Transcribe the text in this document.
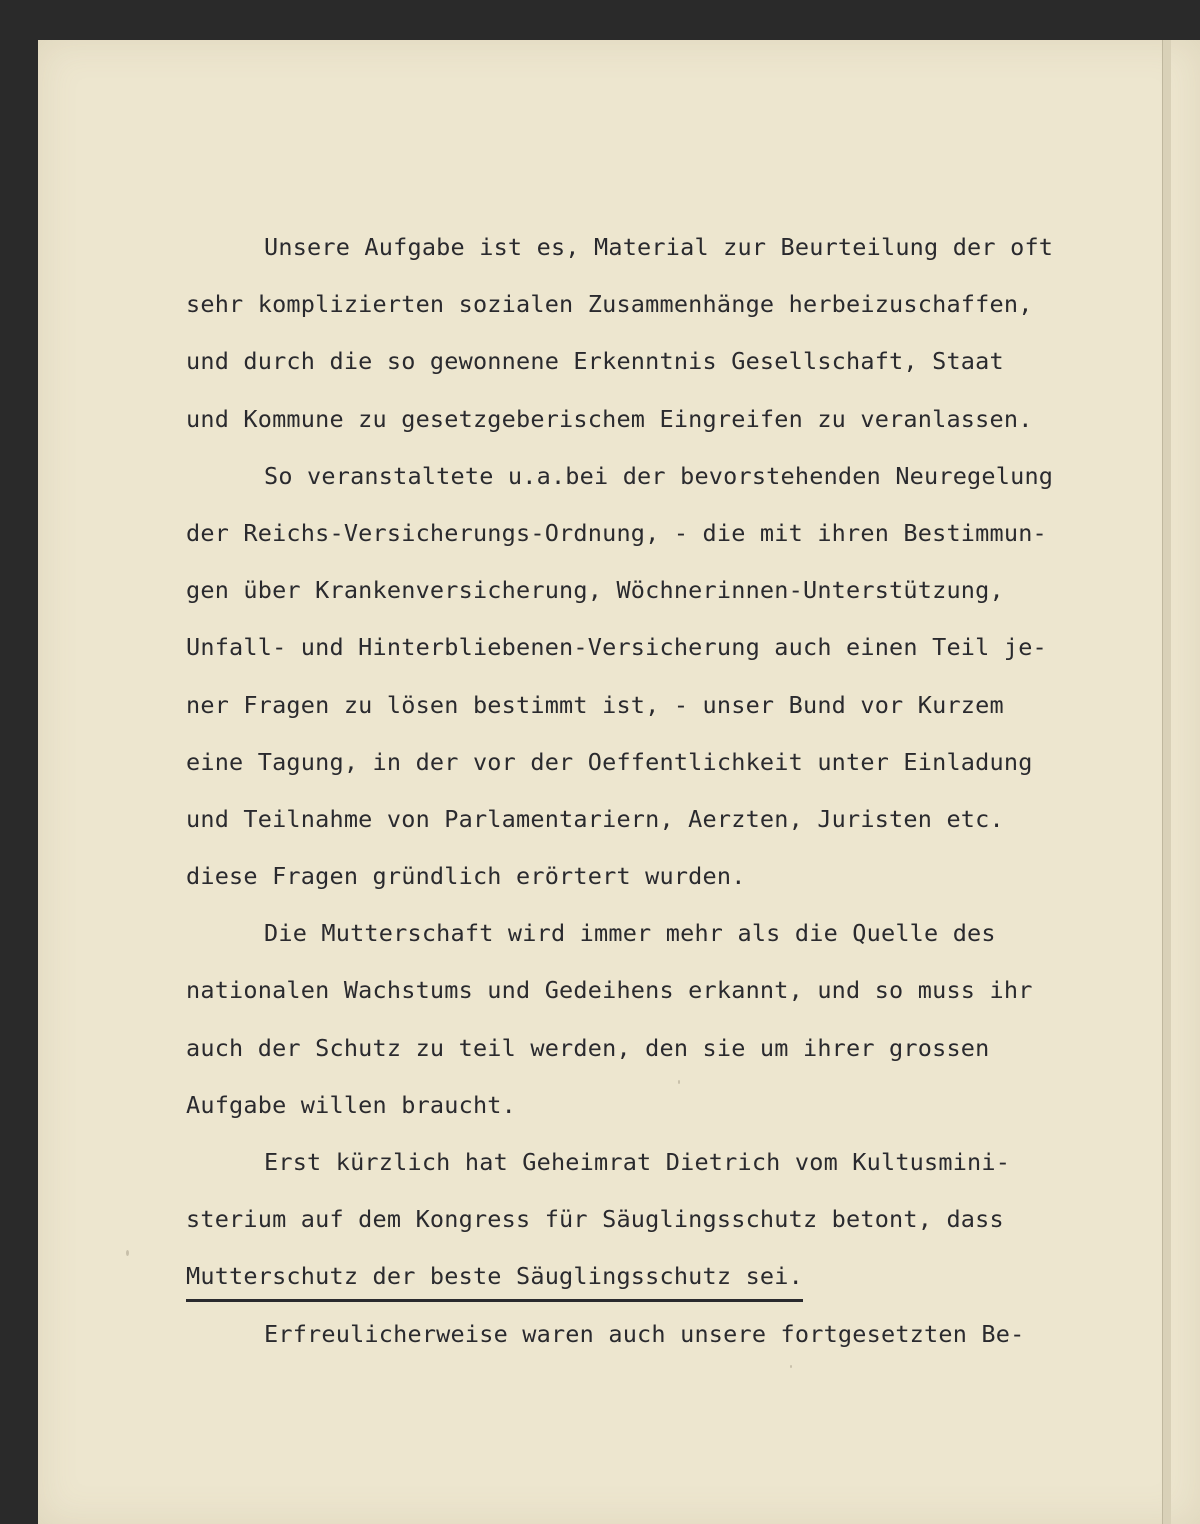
Unsere Aufgabe ist es, Material zur Beurteilung der oft
sehr komplizierten sozialen Zusammenhänge herbeizuschaffen,
und durch die so gewonnene Erkenntnis Gesellschaft, Staat
und Kommune zu gesetzgeberischem Eingreifen zu veranlassen.
So veranstaltete u.a.bei der bevorstehenden Neuregelung
der Reichs-Versicherungs-Ordnung, - die mit ihren Bestimmun-
gen über Krankenversicherung, Wöchnerinnen-Unterstützung,
Unfall- und Hinterbliebenen-Versicherung auch einen Teil je-
ner Fragen zu lösen bestimmt ist, - unser Bund vor Kurzem
eine Tagung, in der vor der Oeffentlichkeit unter Einladung
und Teilnahme von Parlamentariern, Aerzten, Juristen etc.
diese Fragen gründlich erörtert wurden.
Die Mutterschaft wird immer mehr als die Quelle des
nationalen Wachstums und Gedeihens erkannt, und so muss ihr
auch der Schutz zu teil werden, den sie um ihrer grossen
Aufgabe willen braucht.
Erst kürzlich hat Geheimrat Dietrich vom Kultusmini-
sterium auf dem Kongress für Säuglingsschutz betont, dass
Mutterschutz der beste Säuglingsschutz sei.
Erfreulicherweise waren auch unsere fortgesetzten Be-
